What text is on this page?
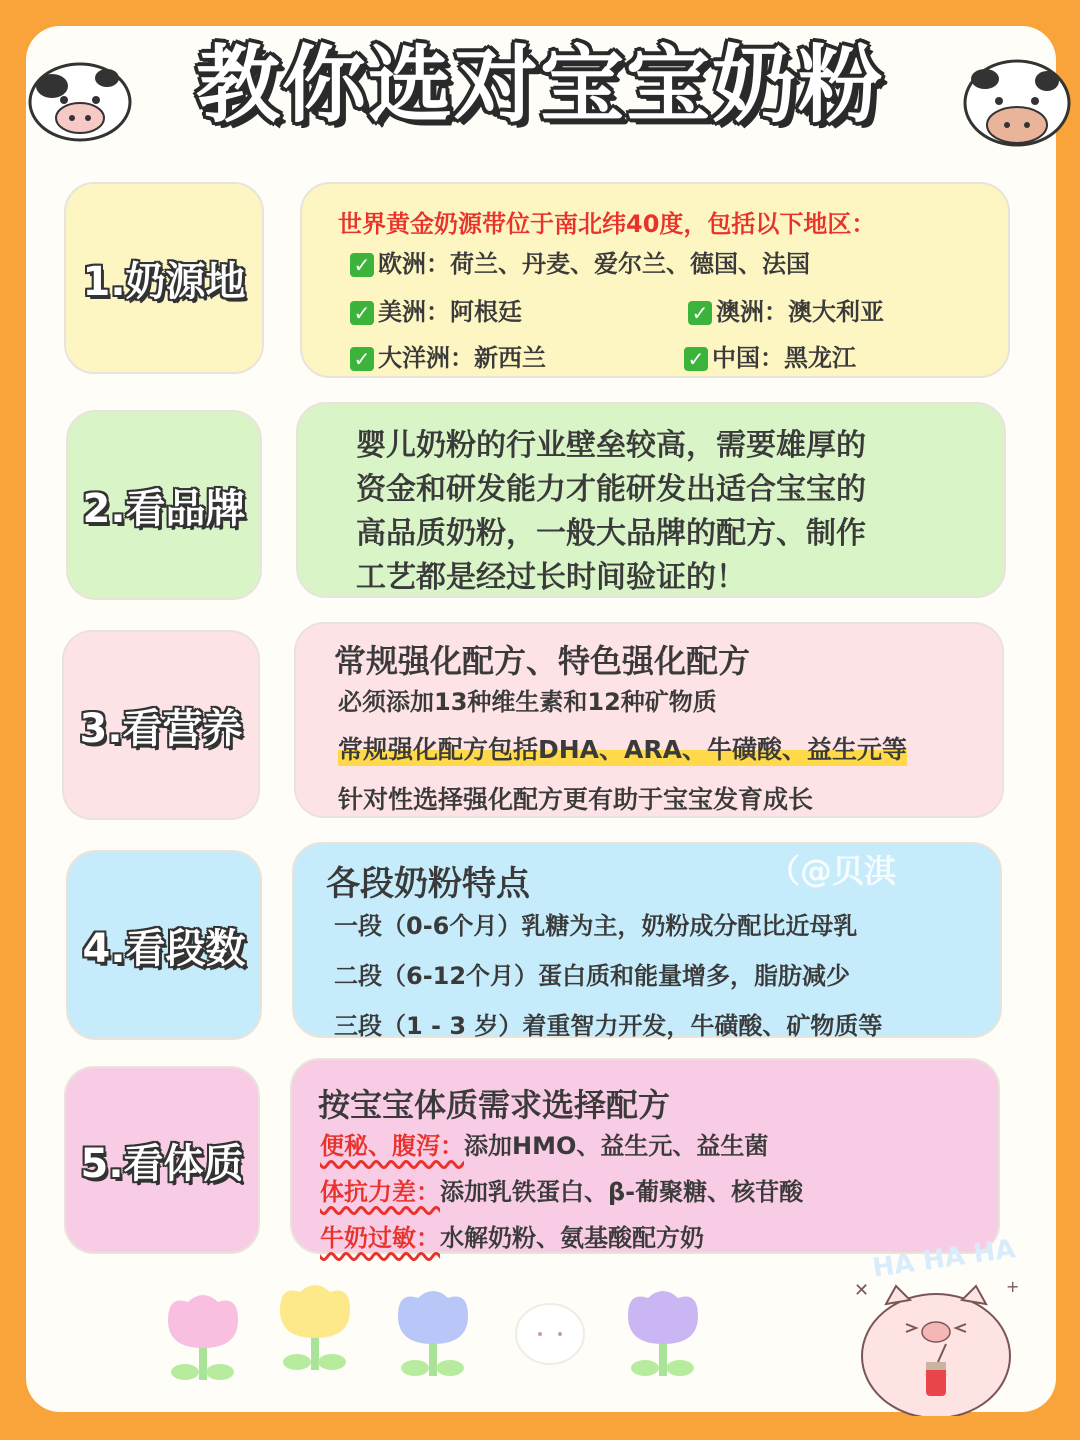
教你选对宝宝奶粉
1.奶源地
世界黄金奶源带位于南北纬40度，包括以下地区：
✓ 欧洲：荷兰、丹麦、爱尔兰、德国、法国
✓ 美洲：阿根廷	✓ 澳洲：澳大利亚
✓ 大洋洲：新西兰	✓ 中国：黑龙江
2.看品牌
婴儿奶粉的行业壁垒较高，需要雄厚的
资金和研发能力才能研发出适合宝宝的
高品质奶粉，一般大品牌的配方、制作
工艺都是经过长时间验证的！
3.看营养
常规强化配方、特色强化配方
必须添加13种维生素和12种矿物质
常规强化配方包括DHA、ARA、牛磺酸、益生元等
针对性选择强化配方更有助于宝宝发育成长
4.看段数
各段奶粉特点
一段（0-6个月）乳糖为主，奶粉成分配比近母乳
二段（6-12个月）蛋白质和能量增多，脂肪减少
三段（1 - 3 岁）着重智力开发，牛磺酸、矿物质等
（@贝淇
5.看体质
按宝宝体质需求选择配方
便秘、腹泻：添加HMO、益生元、益生菌
体抗力差：添加乳铁蛋白、β-葡聚糖、核苷酸
牛奶过敏：水解奶粉、氨基酸配方奶	HA HA HA
✕	+
